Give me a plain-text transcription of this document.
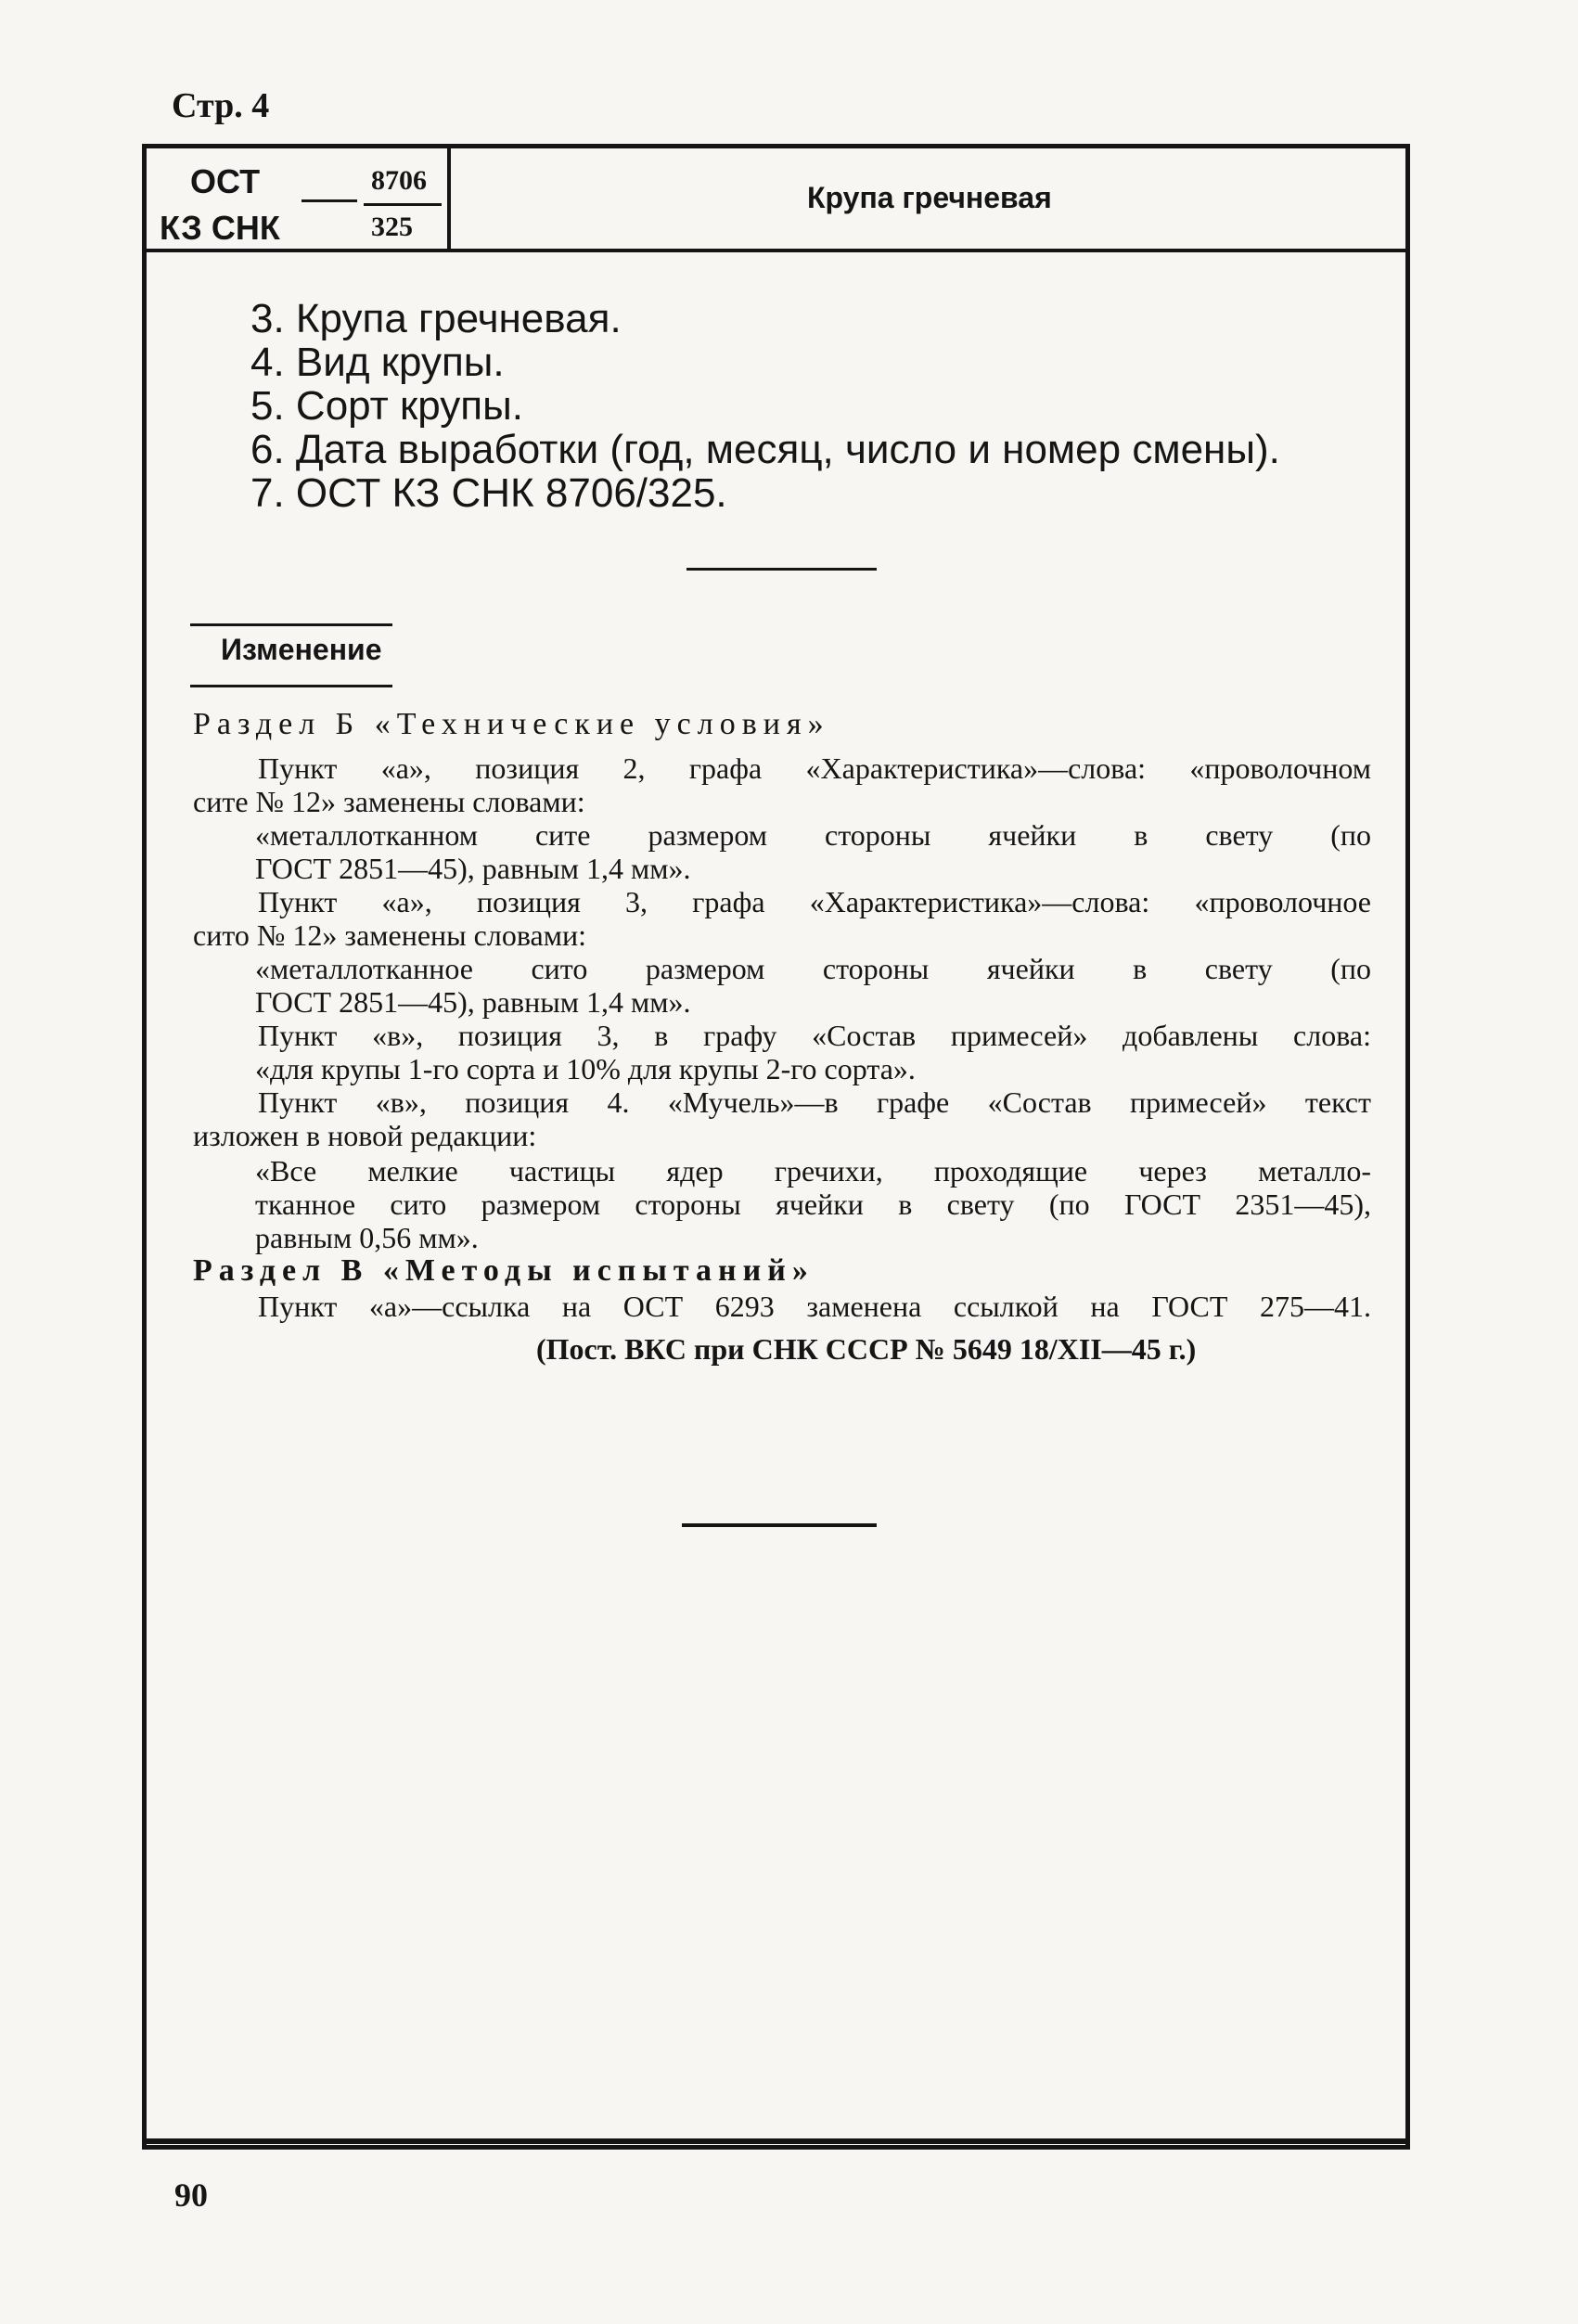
Стр. 4
ОСТ
КЗ СНК
8706
325
Крупа гречневая
3. Крупа гречневая.
4. Вид крупы.
5. Сорт крупы.
6. Дата выработки (год, месяц, число и номер смены).
7. ОСТ КЗ СНК 8706/325.
Изменение
Раздел Б «Технические условия»
Пункт «а», позиция 2, графа «Характеристика»—слова: «проволочном
сите № 12» заменены словами:
«металлотканном сите размером стороны ячейки в свету (по
ГОСТ 2851—45), равным 1,4 мм».
Пункт «а», позиция 3, графа «Характеристика»—слова: «проволочное
сито № 12» заменены словами:
«металлотканное сито размером стороны ячейки в свету (по
ГОСТ 2851—45), равным 1,4 мм».
Пункт «в», позиция 3, в графу «Состав примесей» добавлены слова:
«для крупы 1-го сорта и 10% для крупы 2-го сорта».
Пункт «в», позиция 4. «Мучель»—в графе «Состав примесей» текст
изложен в новой редакции:
«Все мелкие частицы ядер гречихи, проходящие через металло-
тканное сито размером стороны ячейки в свету (по ГОСТ 2351—45),
равным 0,56 мм».
Раздел В «Методы испытаний»
Пункт «а»—ссылка на ОСТ 6293 заменена ссылкой на ГОСТ 275—41.
(Пост. ВКС при СНК СССР № 5649 18/XII—45 г.)
90
